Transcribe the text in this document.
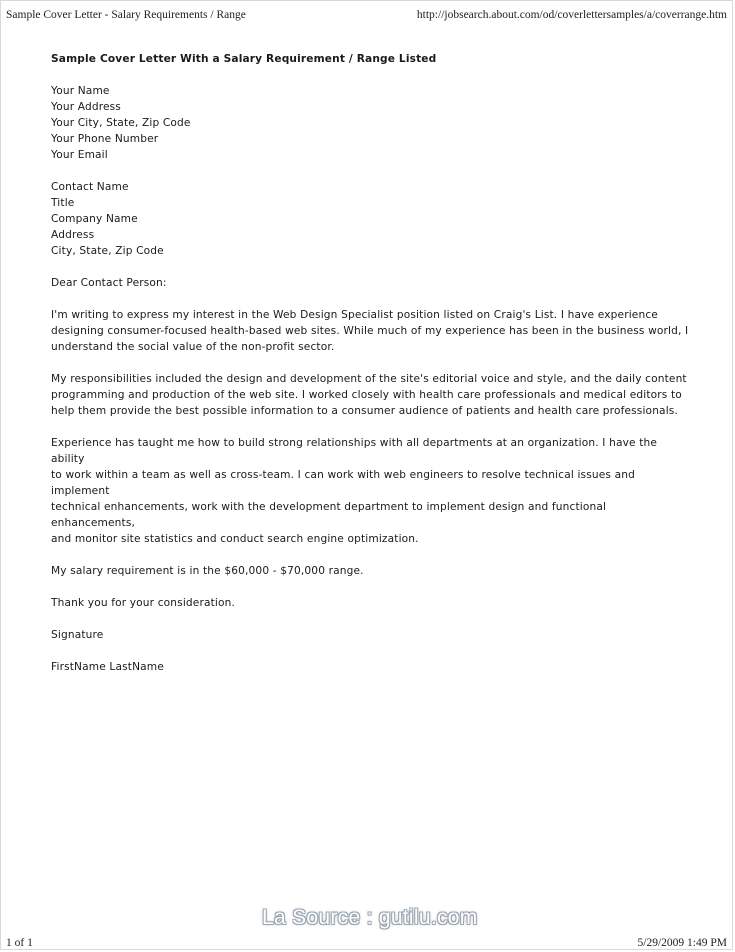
Sample Cover Letter - Salary Requirements / Range	http://jobsearch.about.com/od/coverlettersamples/a/coverrange.htm
Sample Cover Letter With a Salary Requirement / Range Listed
Your Name
Your Address
Your City, State, Zip Code
Your Phone Number
Your Email
Contact Name
Title
Company Name
Address
City, State, Zip Code

Dear Contact Person:

I'm writing to express my interest in the Web Design Specialist position listed on Craig's List. I have experience
designing consumer-focused health-based web sites. While much of my experience has been in the business world, I
understand the social value of the non-profit sector.

My responsibilities included the design and development of the site's editorial voice and style, and the daily content
programming and production of the web site. I worked closely with health care professionals and medical editors to
help them provide the best possible information to a consumer audience of patients and health care professionals.

Experience has taught me how to build strong relationships with all departments at an organization. I have the ability
to work within a team as well as cross-team. I can work with web engineers to resolve technical issues and implement
technical enhancements, work with the development department to implement design and functional enhancements,
and monitor site statistics and conduct search engine optimization.

My salary requirement is in the $60,000 - $70,000 range.

Thank you for your consideration.

Signature

FirstName LastName

La Source : gutilu.com
1 of 1	5/29/2009 1:49 PM
